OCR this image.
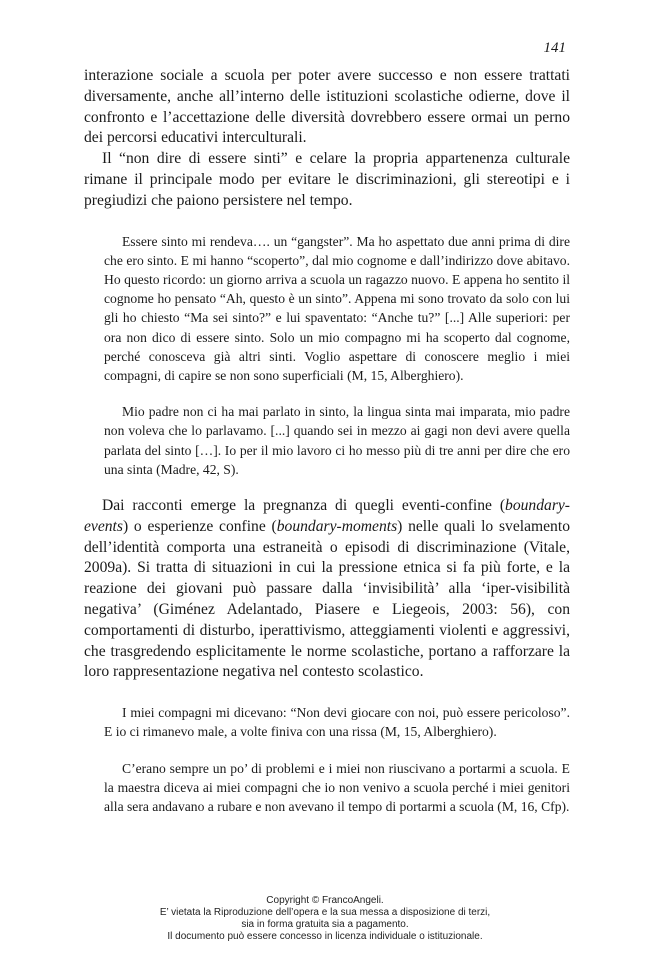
141

interazione sociale a scuola per poter avere successo e non essere trattati diversamente, anche all’interno delle istituzioni scolastiche odierne, dove il confronto e l’accettazione delle diversità dovrebbero essere ormai un perno dei percorsi educativi interculturali.

Il “non dire di essere sinti” e celare la propria appartenenza culturale rimane il principale modo per evitare le discriminazioni, gli stereotipi e i pregiudizi che paiono persistere nel tempo.

Essere sinto mi rendeva…. un “gangster”. Ma ho aspettato due anni prima di dire che ero sinto. E mi hanno “scoperto”, dal mio cognome e dall’indirizzo dove abitavo. Ho questo ricordo: un giorno arriva a scuola un ragazzo nuovo. E appena ho sentito il cognome ho pensato “Ah, questo è un sinto”. Appena mi sono trovato da solo con lui gli ho chiesto “Ma sei sinto?” e lui spaventato: “Anche tu?” [...] Alle superiori: per ora non dico di essere sinto. Solo un mio compagno mi ha scoperto dal cognome, perché conosceva già altri sinti. Voglio aspettare di conoscere meglio i miei compagni, di capire se non sono superficiali (M, 15, Alberghiero).

Mio padre non ci ha mai parlato in sinto, la lingua sinta mai imparata, mio padre non voleva che lo parlavamo. [...] quando sei in mezzo ai gagi non devi avere quella parlata del sinto […]. Io per il mio lavoro ci ho messo più di tre anni per dire che ero una sinta (Madre, 42, S).

Dai racconti emerge la pregnanza di quegli eventi-confine (boundary-events) o esperienze confine (boundary-moments) nelle quali lo svelamento dell’identità comporta una estraneità o episodi di discriminazione (Vitale, 2009a). Si tratta di situazioni in cui la pressione etnica si fa più forte, e la reazione dei giovani può passare dalla ‘invisibilità’ alla ‘iper-visibilità negativa’ (Giménez Adelantado, Piasere e Liegeois, 2003: 56), con comportamenti di disturbo, iperattivismo, atteggiamenti violenti e aggressivi, che trasgredendo esplicitamente le norme scolastiche, portano a rafforzare la loro rappresentazione negativa nel contesto scolastico.

I miei compagni mi dicevano: “Non devi giocare con noi, può essere pericoloso”. E io ci rimanevo male, a volte finiva con una rissa (M, 15, Alberghiero).

C’erano sempre un po’ di problemi e i miei non riuscivano a portarmi a scuola. E la maestra diceva ai miei compagni che io non venivo a scuola perché i miei genitori alla sera andavano a rubare e non avevano il tempo di portarmi a scuola (M, 16, Cfp).

Copyright © FrancoAngeli.
E’ vietata la Riproduzione dell’opera e la sua messa a disposizione di terzi,
sia in forma gratuita sia a pagamento.
Il documento può essere concesso in licenza individuale o istituzionale.
